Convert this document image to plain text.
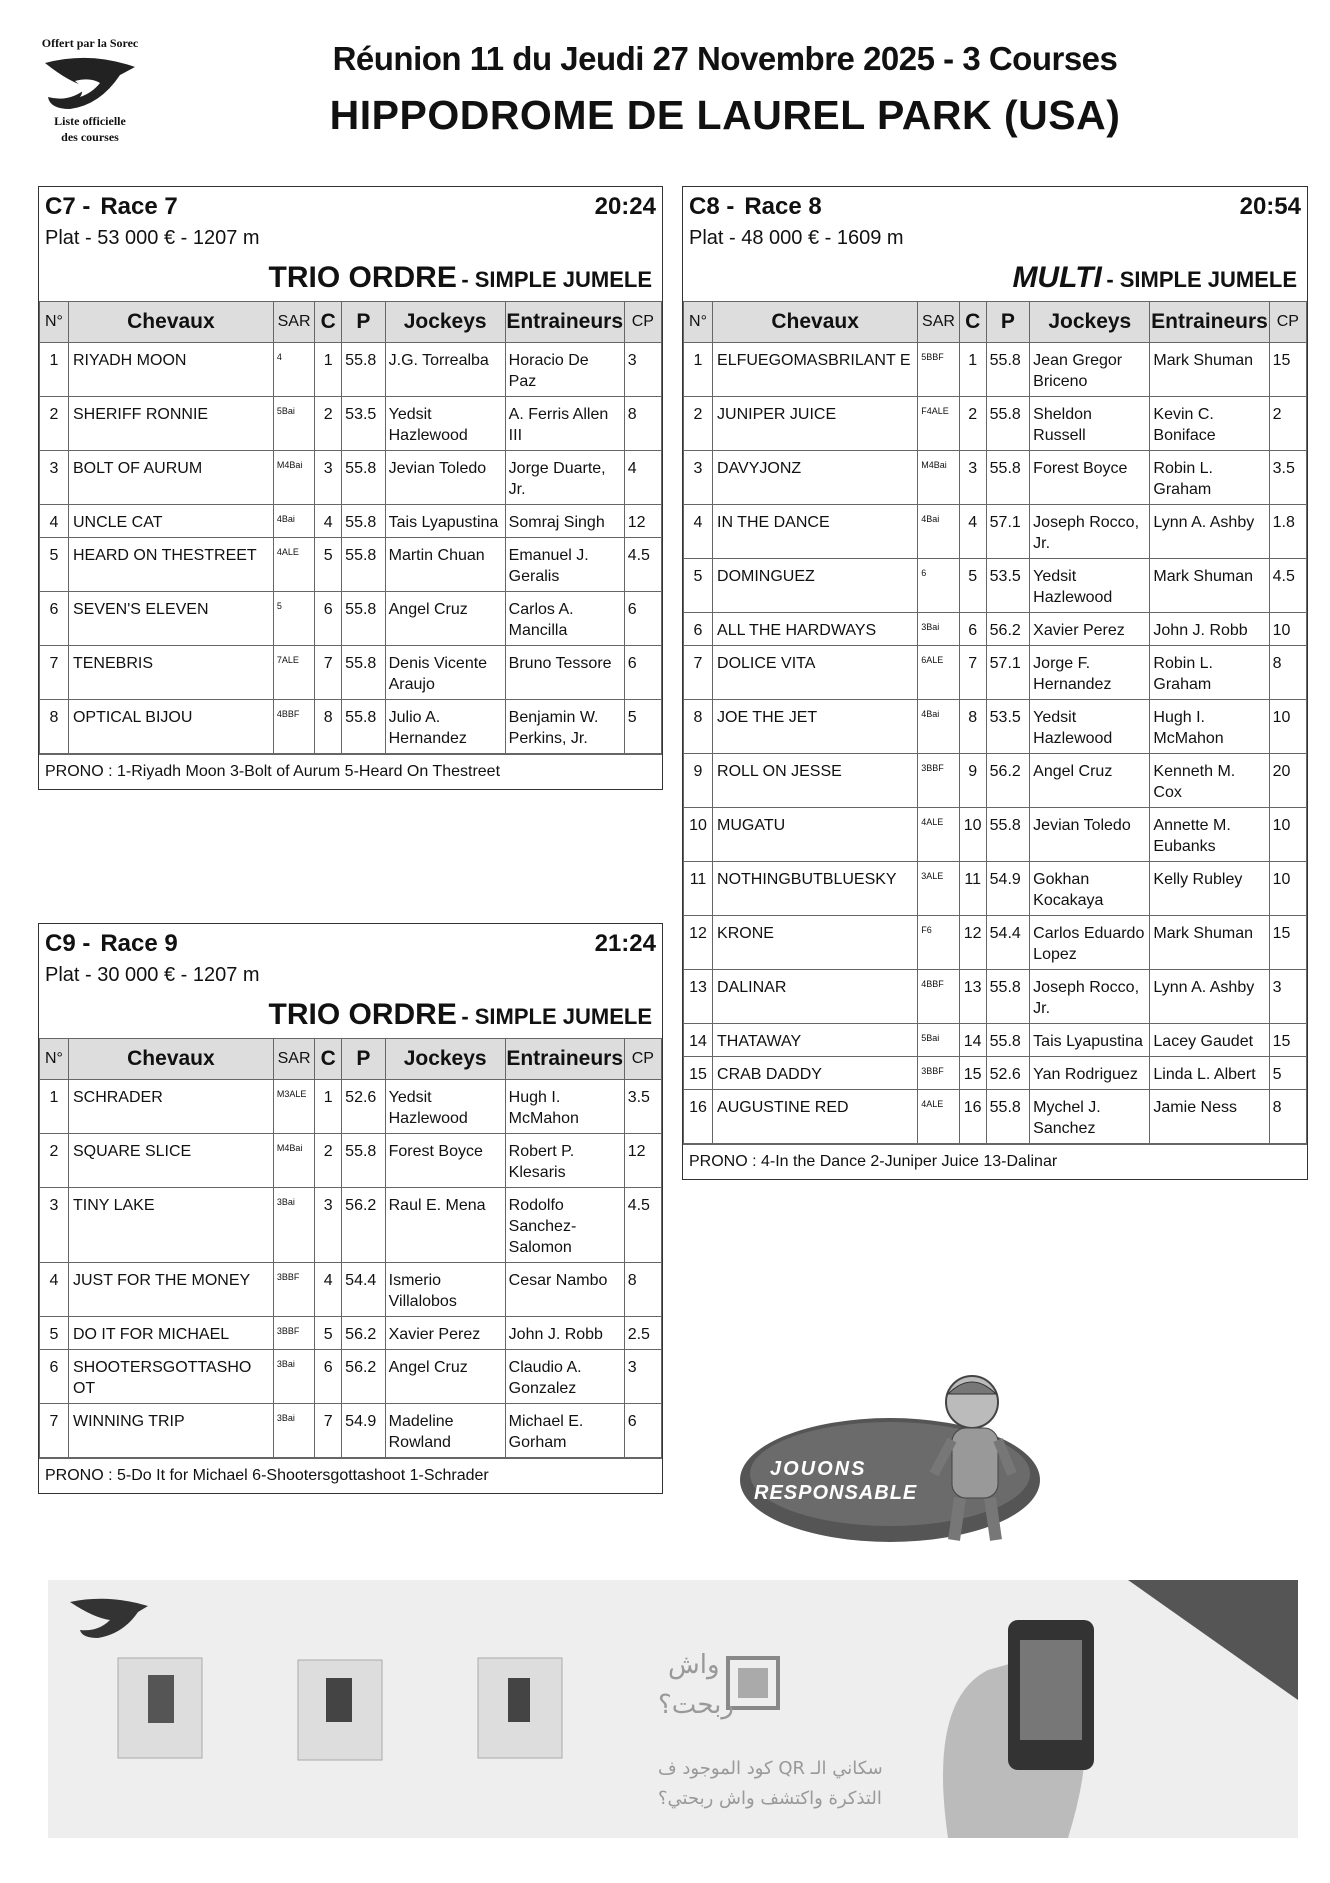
Offert par la Sorec
Liste officielle
des courses
Réunion 11 du Jeudi 27 Novembre 2025 - 3 Courses
HIPPODROME DE LAUREL PARK (USA)
C7 - Race 7	20:24
Plat - 53 000 € - 1207 m
TRIO ORDRE - SIMPLE JUMELE
N°	Chevaux	SAR	C	P	Jockeys	Entraineurs	CP
1	RIYADH MOON	4	1	55.8	J.G. Torrealba	Horacio De Paz	3
2	SHERIFF RONNIE	5Bai	2	53.5	Yedsit Hazlewood	A. Ferris Allen III	8
3	BOLT OF AURUM	M4Bai	3	55.8	Jevian Toledo	Jorge Duarte, Jr.	4
4	UNCLE CAT	4Bai	4	55.8	Tais Lyapustina	Somraj Singh	12
5	HEARD ON THESTREET	4ALE	5	55.8	Martin Chuan	Emanuel J. Geralis	4.5
6	SEVEN'S ELEVEN	5	6	55.8	Angel Cruz	Carlos A. Mancilla	6
7	TENEBRIS	7ALE	7	55.8	Denis Vicente Araujo	Bruno Tessore	6
8	OPTICAL BIJOU	4BBF	8	55.8	Julio A. Hernandez	Benjamin W. Perkins, Jr.	5
PRONO : 1-Riyadh Moon 3-Bolt of Aurum 5-Heard On Thestreet
C8 - Race 8	20:54
Plat - 48 000 € - 1609 m
MULTI - SIMPLE JUMELE
N°	Chevaux	SAR	C	P	Jockeys	Entraineurs	CP
1	ELFUEGOMASBRILANT E	5BBF	1	55.8	Jean Gregor Briceno	Mark Shuman	15
2	JUNIPER JUICE	F4ALE	2	55.8	Sheldon Russell	Kevin C. Boniface	2
3	DAVYJONZ	M4Bai	3	55.8	Forest Boyce	Robin L. Graham	3.5
4	IN THE DANCE	4Bai	4	57.1	Joseph Rocco, Jr.	Lynn A. Ashby	1.8
5	DOMINGUEZ	6	5	53.5	Yedsit Hazlewood	Mark Shuman	4.5
6	ALL THE HARDWAYS	3Bai	6	56.2	Xavier Perez	John J. Robb	10
7	DOLICE VITA	6ALE	7	57.1	Jorge F. Hernandez	Robin L. Graham	8
8	JOE THE JET	4Bai	8	53.5	Yedsit Hazlewood	Hugh I. McMahon	10
9	ROLL ON JESSE	3BBF	9	56.2	Angel Cruz	Kenneth M. Cox	20
10	MUGATU	4ALE	10	55.8	Jevian Toledo	Annette M. Eubanks	10
11	NOTHINGBUTBLUESKY	3ALE	11	54.9	Gokhan Kocakaya	Kelly Rubley	10
12	KRONE	F6	12	54.4	Carlos Eduardo Lopez	Mark Shuman	15
13	DALINAR	4BBF	13	55.8	Joseph Rocco, Jr.	Lynn A. Ashby	3
14	THATAWAY	5Bai	14	55.8	Tais Lyapustina	Lacey Gaudet	15
15	CRAB DADDY	3BBF	15	52.6	Yan Rodriguez	Linda L. Albert	5
16	AUGUSTINE RED	4ALE	16	55.8	Mychel J. Sanchez	Jamie Ness	8
PRONO : 4-In the Dance 2-Juniper Juice 13-Dalinar
C9 - Race 9	21:24
Plat - 30 000 € - 1207 m
TRIO ORDRE - SIMPLE JUMELE
N°	Chevaux	SAR	C	P	Jockeys	Entraineurs	CP
1	SCHRADER	M3ALE	1	52.6	Yedsit Hazlewood	Hugh I. McMahon	3.5
2	SQUARE SLICE	M4Bai	2	55.8	Forest Boyce	Robert P. Klesaris	12
3	TINY LAKE	3Bai	3	56.2	Raul E. Mena	Rodolfo Sanchez-Salomon	4.5
4	JUST FOR THE MONEY	3BBF	4	54.4	Ismerio Villalobos	Cesar Nambo	8
5	DO IT FOR MICHAEL	3BBF	5	56.2	Xavier Perez	John J. Robb	2.5
6	SHOOTERSGOTTASHO OT	3Bai	6	56.2	Angel Cruz	Claudio A. Gonzalez	3
7	WINNING TRIP	3Bai	7	54.9	Madeline Rowland	Michael E. Gorham	6
PRONO : 5-Do It for Michael 6-Shootersgottashoot 1-Schrader	JOUONS
RESPONSABLE
واش
ربحت؟
سكاني الـ QR كود الموجود ف
التذكرة واكتشف واش ربحتي؟
